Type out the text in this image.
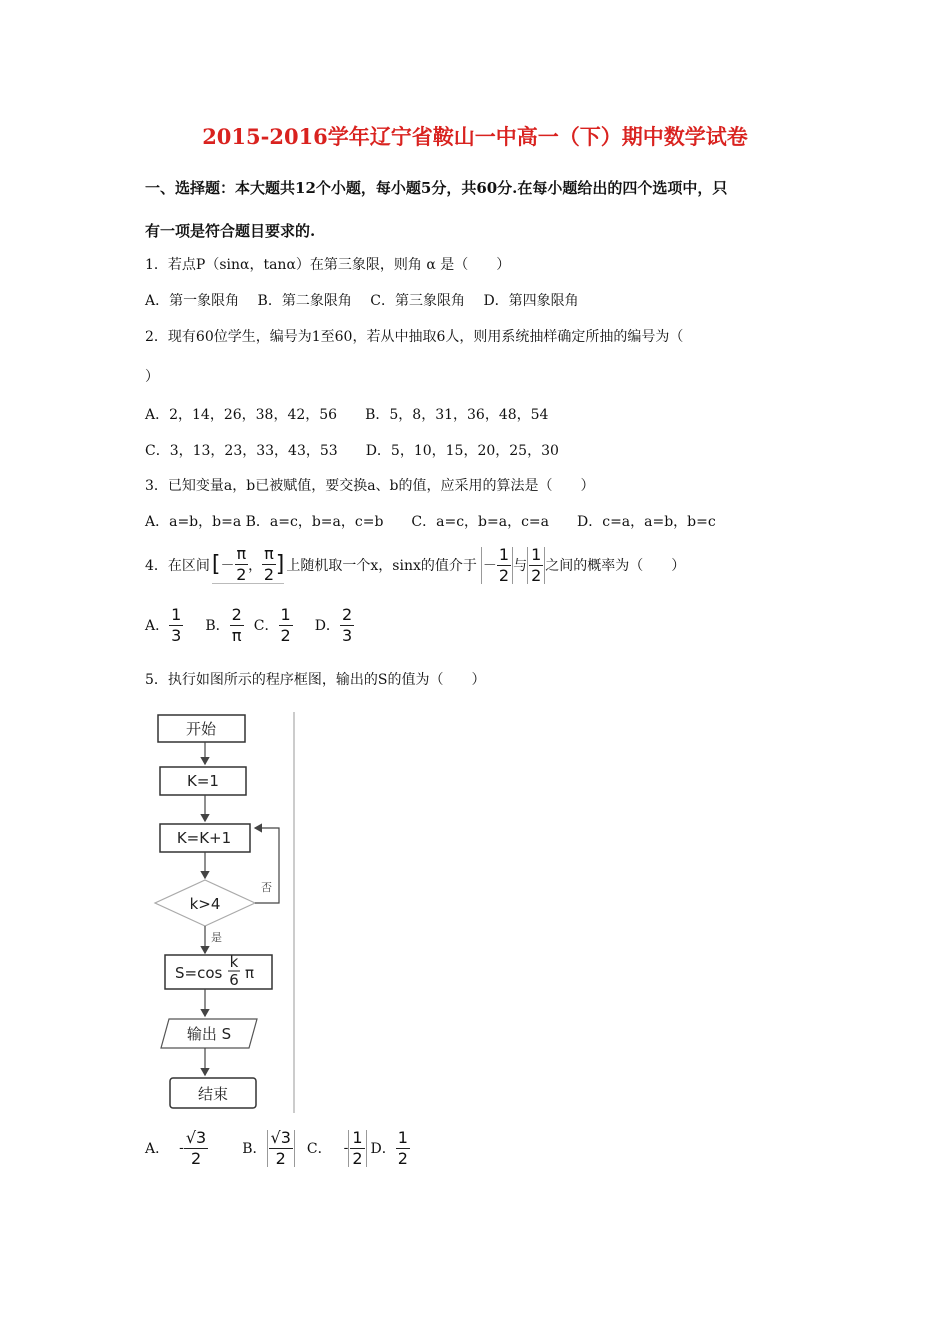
2015-2016学年辽宁省鞍山一中高一（下）期中数学试卷
一、选择题：本大题共12个小题，每小题5分，共60分.在每小题给出的四个选项中，只
有一项是符合题目要求的.
1．若点P（sinα，tanα）在第三象限，则角 α 是（　　）
A．第一象限角　 B．第二象限角　 C．第三象限角　 D．第四象限角
2．现有60位学生，编号为1至60，若从中抽取6人，则用系统抽样确定所抽的编号为（
）
A．2，14，26，38，42，56　　B．5，8，31，36，48，54
C．3，13，23，33，43，53　　D．5，10，15，20，25，30
3．已知变量a，b已被赋值，要交换a、b的值，应采用的算法是（　　）
A．a=b，b=a B．a=c，b=a，c=b　　C．a=c，b=a，c=a　　D．c=a，a=b，b=c
4．在区间 [ － $\frac{\pi}{2}$ ， $\frac{\pi}{2}$ ] 上随机取一个x，sinx的值介于 － $\frac{1}{2}$ 与 $\frac{1}{2}$ 之间的概率为（　　）
A． $\frac{1}{3}$ B． $\frac{2}{\pi}$ C． $\frac{1}{2}$ D． $\frac{2}{3}$
5．执行如图所示的程序框图，输出的S的值为（　　）
开始
K=1
K=K+1
k>4
否
是
S=cos
k
6 π
输出 S
结束
A． - $\frac{√3}{2}$ B． $\frac{√3}{2}$ C． - $\frac{1}{2}$ D． $\frac{1}{2}$
